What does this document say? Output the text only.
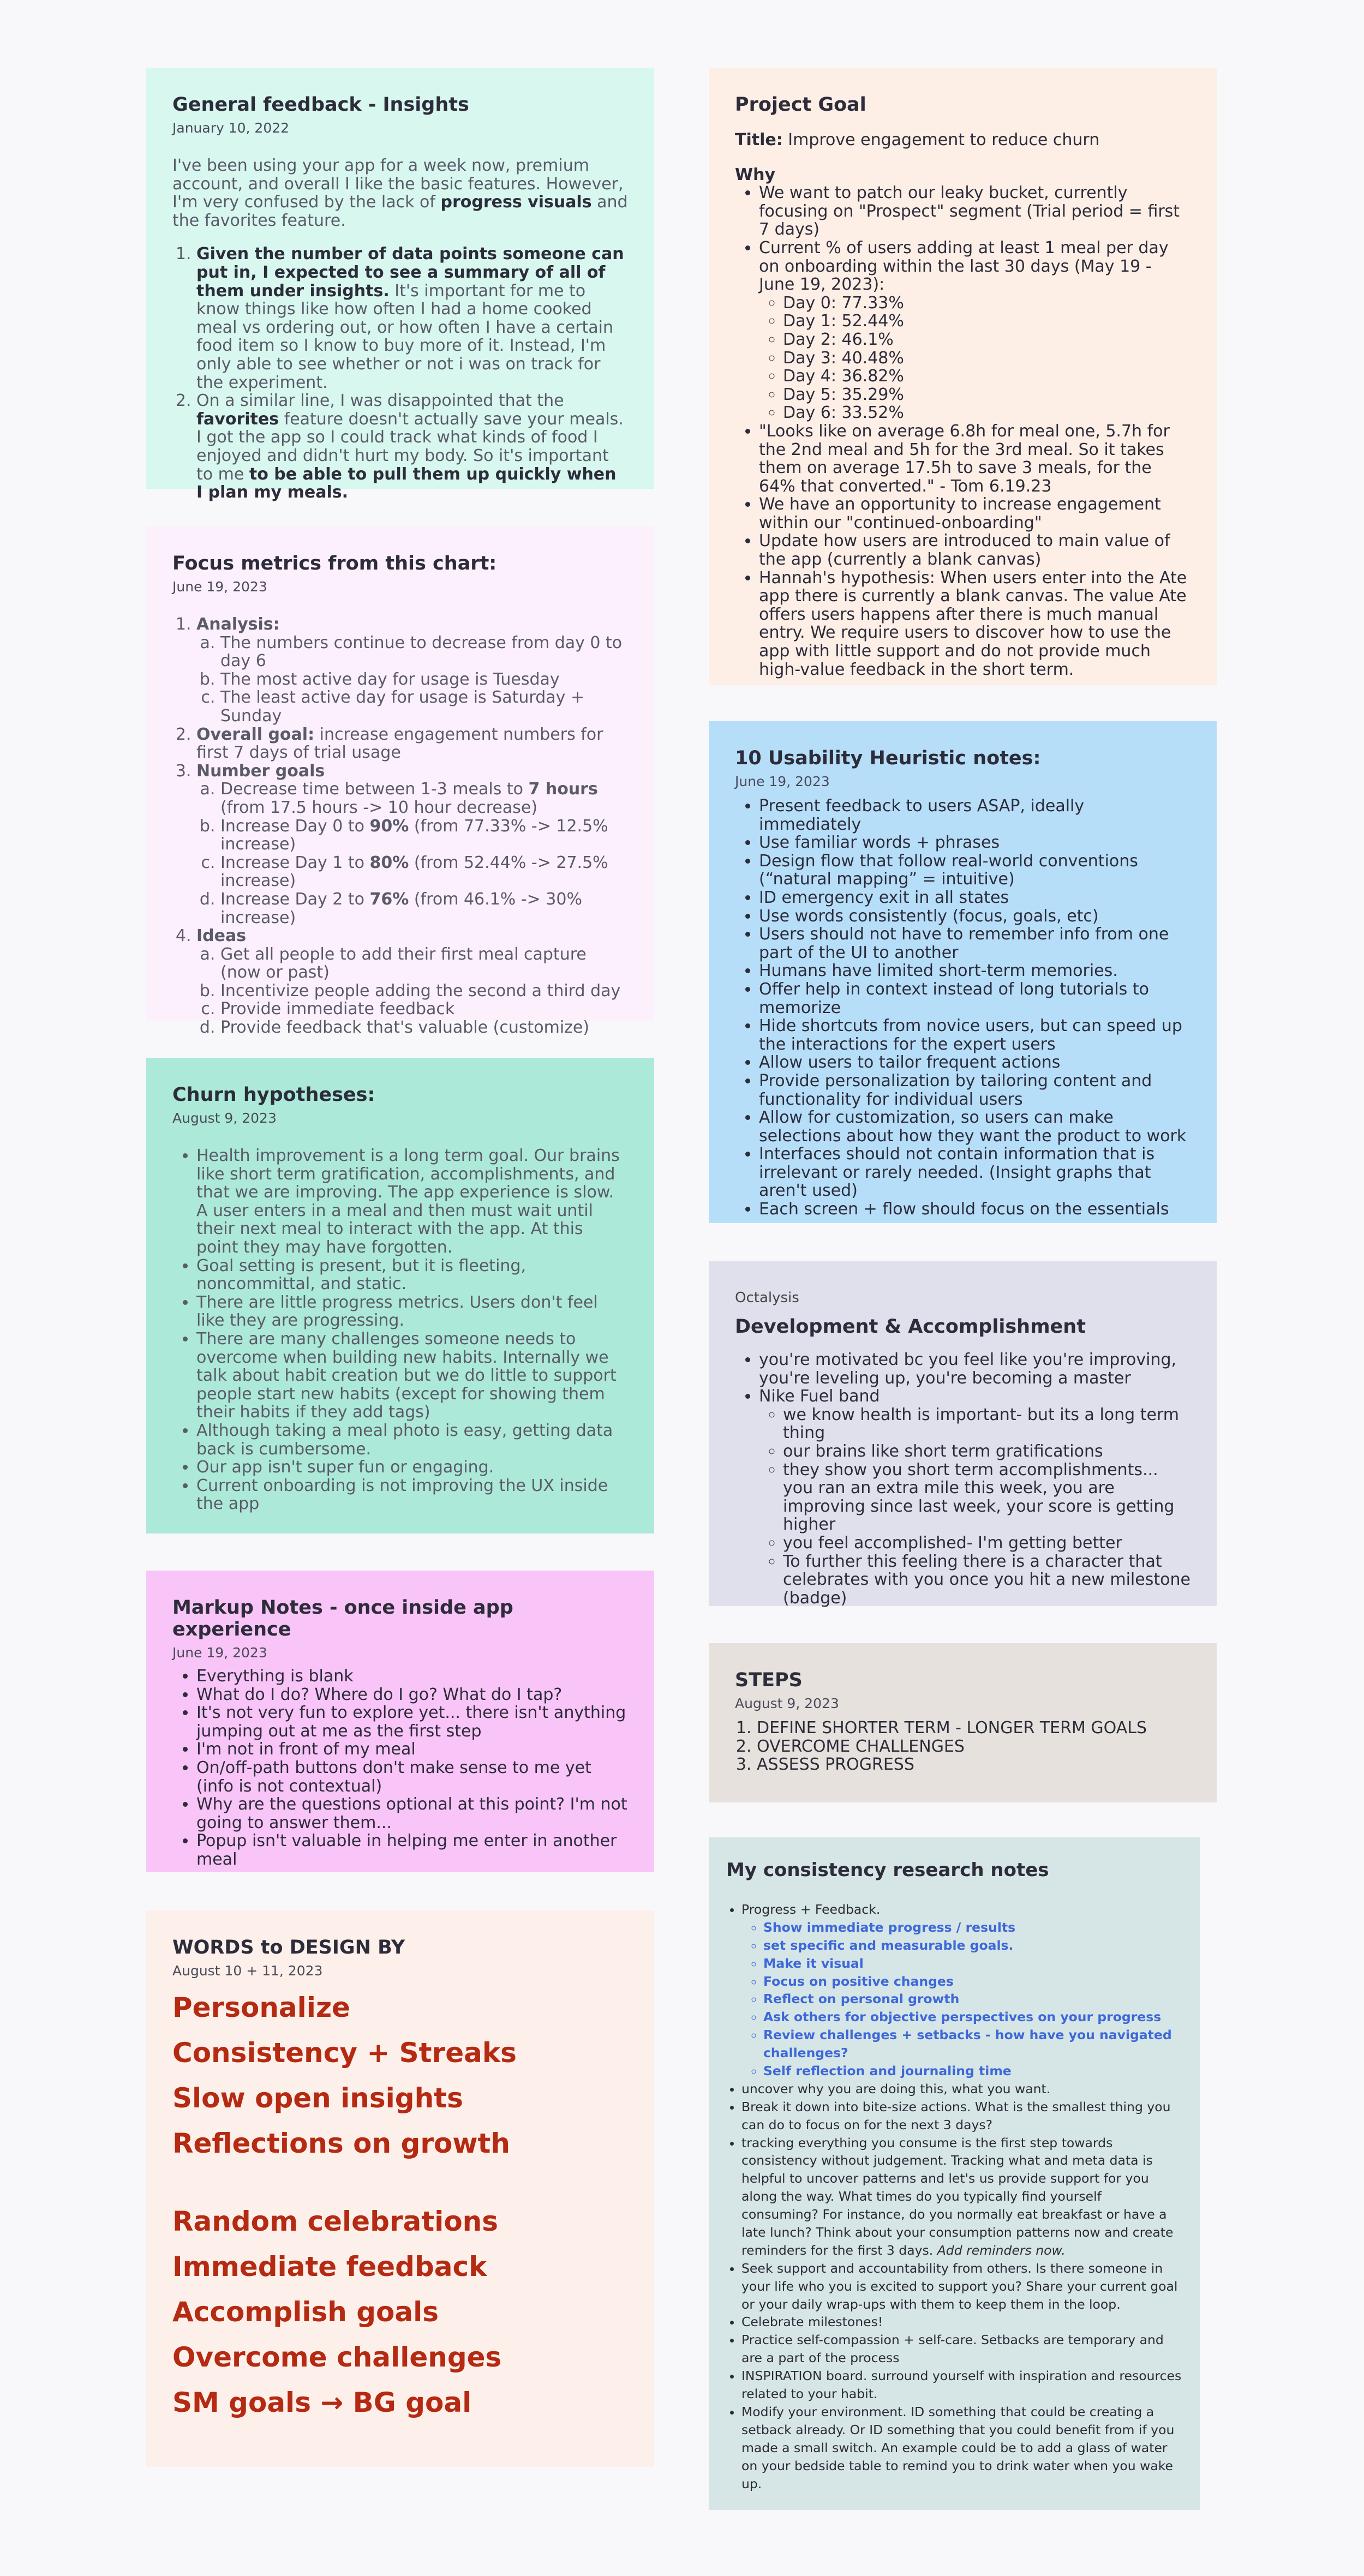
General feedback - Insights
January 10, 2022
I've been using your app for a week now, premium account, and overall I like the basic features. However, I'm very confused by the lack of progress visuals and the favorites feature.
1. Given the number of data points someone can put in, I expected to see a summary of all of them under insights. It's important for me to know things like how often I had a home cooked meal vs ordering out, or how often I have a certain food item so I know to buy more of it. Instead, I'm only able to see whether or not i was on track for the experiment.
2. On a similar line, I was disappointed that the favorites feature doesn't actually save your meals. I got the app so I could track what kinds of food I enjoyed and didn't hurt my body. So it's important to me to be able to pull them up quickly when I plan my meals.
Focus metrics from this chart:
June 19, 2023
1. Analysis:
a. The numbers continue to decrease from day 0 to day 6
b. The most active day for usage is Tuesday
c. The least active day for usage is Saturday + Sunday
2. Overall goal: increase engagement numbers for first 7 days of trial usage
3. Number goals
a. Decrease time between 1-3 meals to 7 hours (from 17.5 hours -> 10 hour decrease)
b. Increase Day 0 to 90% (from 77.33% -> 12.5% increase)
c. Increase Day 1 to 80% (from 52.44% -> 27.5% increase)
d. Increase Day 2 to 76% (from 46.1% -> 30% increase)
4. Ideas
a. Get all people to add their first meal capture (now or past)
b. Incentivize people adding the second a third day
c. Provide immediate feedback
d. Provide feedback that's valuable (customize)
Churn hypotheses:
August 9, 2023
• Health improvement is a long term goal. Our brains like short term gratification, accomplishments, and that we are improving. The app experience is slow. A user enters in a meal and then must wait until their next meal to interact with the app. At this point they may have forgotten.
• Goal setting is present, but it is fleeting, noncommittal, and static.
• There are little progress metrics. Users don't feel like they are progressing.
• There are many challenges someone needs to overcome when building new habits. Internally we talk about habit creation but we do little to support people start new habits (except for showing them their habits if they add tags)
• Although taking a meal photo is easy, getting data back is cumbersome.
• Our app isn't super fun or engaging.
• Current onboarding is not improving the UX inside the app
Markup Notes - once inside app experience
June 19, 2023
• Everything is blank
• What do I do? Where do I go? What do I tap?
• It's not very fun to explore yet... there isn't anything jumping out at me as the first step
• I'm not in front of my meal
• On/off-path buttons don't make sense to me yet (info is not contextual)
• Why are the questions optional at this point? I'm not going to answer them...
• Popup isn't valuable in helping me enter in another meal
WORDS to DESIGN BY
August 10 + 11, 2023
Personalize
Consistency + Streaks
Slow open insights
Reflections on growth
Random celebrations
Immediate feedback
Accomplish goals
Overcome challenges
SM goals → BG goal
Project Goal
Title: Improve engagement to reduce churn
Why
• We want to patch our leaky bucket, currently focusing on "Prospect" segment (Trial period = first 7 days)
• Current % of users adding at least 1 meal per day on onboarding within the last 30 days (May 19 - June 19, 2023):
◦ Day 0: 77.33%
◦ Day 1: 52.44%
◦ Day 2: 46.1%
◦ Day 3: 40.48%
◦ Day 4: 36.82%
◦ Day 5: 35.29%
◦ Day 6: 33.52%
• "Looks like on average 6.8h for meal one, 5.7h for the 2nd meal and 5h for the 3rd meal. So it takes them on average 17.5h to save 3 meals, for the 64% that converted." - Tom 6.19.23
• We have an opportunity to increase engagement within our "continued-onboarding"
• Update how users are introduced to main value of the app (currently a blank canvas)
• Hannah's hypothesis: When users enter into the Ate app there is currently a blank canvas. The value Ate offers users happens after there is much manual entry. We require users to discover how to use the app with little support and do not provide much high-value feedback in the short term.
10 Usability Heuristic notes:
June 19, 2023
• Present feedback to users ASAP, ideally immediately
• Use familiar words + phrases
• Design flow that follow real-world conventions (“natural mapping” = intuitive)
• ID emergency exit in all states
• Use words consistently (focus, goals, etc)
• Users should not have to remember info from one part of the UI to another
• Humans have limited short-term memories.
• Offer help in context instead of long tutorials to memorize
• Hide shortcuts from novice users, but can speed up the interactions for the expert users
• Allow users to tailor frequent actions
• Provide personalization by tailoring content and functionality for individual users
• Allow for customization, so users can make selections about how they want the product to work
• Interfaces should not contain information that is irrelevant or rarely needed. (Insight graphs that aren't used)
• Each screen + flow should focus on the essentials
Octalysis
Development & Accomplishment
• you're motivated bc you feel like you're improving, you're leveling up, you're becoming a master
• Nike Fuel band
◦ we know health is important- but its a long term thing
◦ our brains like short term gratifications
◦ they show you short term accomplishments... you ran an extra mile this week, you are improving since last week, your score is getting higher
◦ you feel accomplished- I'm getting better
◦ To further this feeling there is a character that celebrates with you once you hit a new milestone (badge)
STEPS
August 9, 2023
1. DEFINE SHORTER TERM - LONGER TERM GOALS
2. OVERCOME CHALLENGES
3. ASSESS PROGRESS
My consistency research notes
• Progress + Feedback.
◦ Show immediate progress / results
◦ set specific and measurable goals.
◦ Make it visual
◦ Focus on positive changes
◦ Reflect on personal growth
◦ Ask others for objective perspectives on your progress
◦ Review challenges + setbacks - how have you navigated challenges?
◦ Self reflection and journaling time
• uncover why you are doing this, what you want.
• Break it down into bite-size actions. What is the smallest thing you can do to focus on for the next 3 days?
• tracking everything you consume is the first step towards consistency without judgement. Tracking what and meta data is helpful to uncover patterns and let's us provide support for you along the way. What times do you typically find yourself consuming? For instance, do you normally eat breakfast or have a late lunch? Think about your consumption patterns now and create reminders for the first 3 days. Add reminders now.
• Seek support and accountability from others. Is there someone in your life who you is excited to support you? Share your current goal or your daily wrap-ups with them to keep them in the loop.
• Celebrate milestones!
• Practice self-compassion + self-care. Setbacks are temporary and are a part of the process
• INSPIRATION board. surround yourself with inspiration and resources related to your habit.
• Modify your environment. ID something that could be creating a setback already. Or ID something that you could benefit from if you made a small switch. An example could be to add a glass of water on your bedside table to remind you to drink water when you wake up.
